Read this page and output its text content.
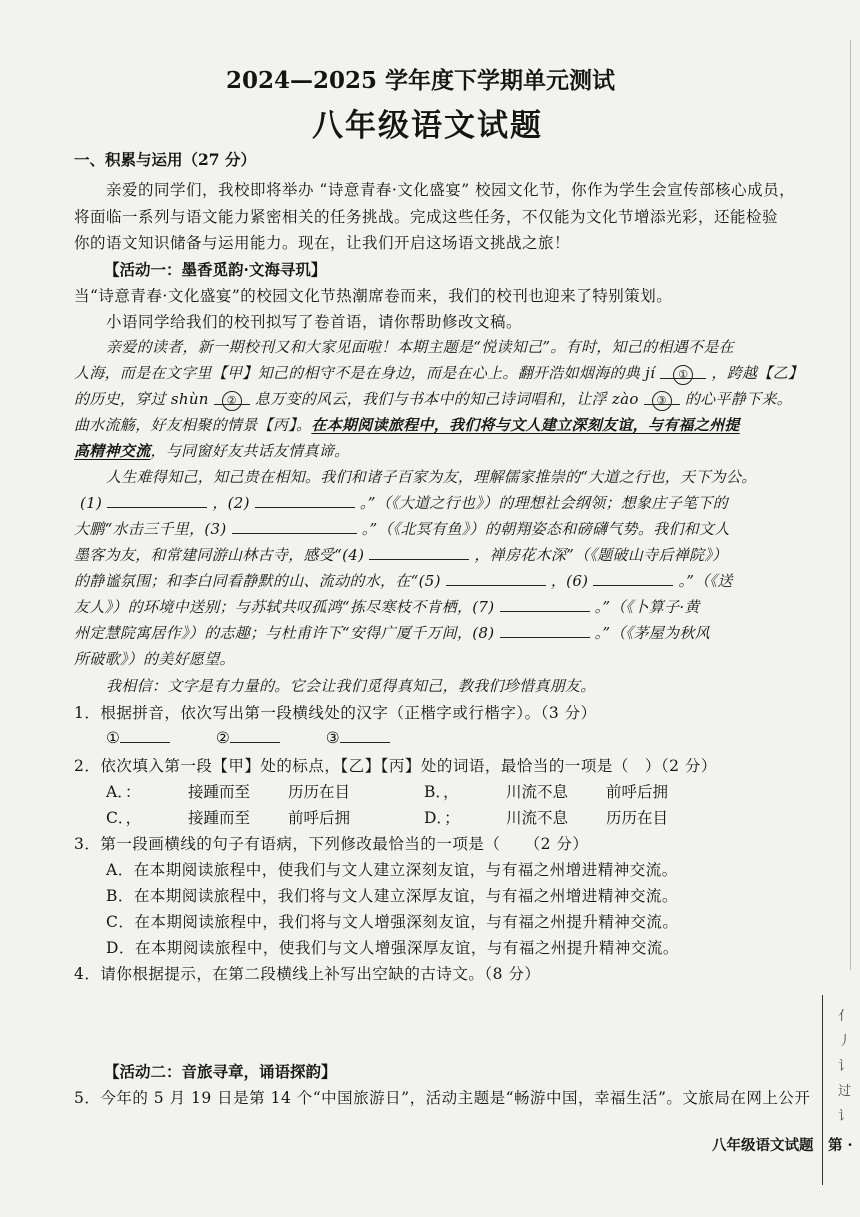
2024—2025 学年度下学期单元测试
八年级语文试题
一、积累与运用（27 分）
亲爱的同学们，我校即将举办 “诗意青春·文化盛宴” 校园文化节，你作为学生会宣传部核心成员，
将面临一系列与语文能力紧密相关的任务挑战。完成这些任务，不仅能为文化节增添光彩，还能检验
你的语文知识储备与运用能力。现在，让我们开启这场语文挑战之旅！
【活动一：墨香觅韵·文海寻玑】
当“诗意青春·文化盛宴”的校园文化节热潮席卷而来，我们的校刊也迎来了特别策划。
小语同学给我们的校刊拟写了卷首语，请你帮助修改文稿。
亲爱的读者，新一期校刊又和大家见面啦！本期主题是“悦读知己”。有时，知己的相遇不是在
人海，而是在文字里【甲】知己的相守不是在身边，而是在心上。翻开浩如烟海的典 jí ① ，跨越【乙】
的历史，穿过 shùn ② 息万变的风云，我们与书本中的知己诗词唱和，让浮 zào ③ 的心平静下来。
曲水流觞，好友相聚的情景【丙】。在本期阅读旅程中，我们将与文人建立深刻友谊，与有福之州提
高精神交流，与同窗好友共话友情真谛。
人生难得知己，知己贵在相知。我们和诸子百家为友，理解儒家推崇的“大道之行也，天下为公。
(1)	，(2)	。”（《大道之行也》）的理想社会纲领；想象庄子笔下的
大鹏“水击三千里，(3)	。”（《北冥有鱼》）的朝翔姿态和磅礴气势。我们和文人
墨客为友，和常建同游山林古寺，感受“(4)	，禅房花木深”（《题破山寺后禅院》）
的静谧氛围；和李白同看静默的山、流动的水，在“(5)	，(6)	。”（《送
友人》）的环境中送别；与苏轼共叹孤鸿“拣尽寒枝不肯栖，(7)	。”（《卜算子·黄
州定慧院寓居作》）的志趣；与杜甫许下“安得广厦千万间，(8)	。”（《茅屋为秋风
所破歌》）的美好愿望。
我相信：文字是有力量的。它会让我们觅得真知己，教我们珍惜真朋友。
1．根据拼音，依次写出第一段横线处的汉字（正楷字或行楷字）。（3 分）
①	②	③
2．依次填入第一段【甲】处的标点，【乙】【丙】处的词语，最恰当的一项是（　）（2 分）
A．：	接踵而至 历历在目	B．，	川流不息 前呼后拥
C．，	接踵而至 前呼后拥	D．；	川流不息 历历在目
3．第一段画横线的句子有语病，下列修改最恰当的一项是（　　（2 分）
A．在本期阅读旅程中，使我们与文人建立深刻友谊，与有福之州增进精神交流。
B．在本期阅读旅程中，我们将与文人建立深厚友谊，与有福之州增进精神交流。
C．在本期阅读旅程中，我们将与文人增强深刻友谊，与有福之州提升精神交流。
D．在本期阅读旅程中，使我们与文人增强深厚友谊，与有福之州提升精神交流。
4．请你根据提示，在第二段横线上补写出空缺的古诗文。（8 分）
【活动二：音旅寻章，诵语探韵】
5．今年的 5 月 19 日是第 14 个“中国旅游日”，活动主题是“畅游中国，幸福生活”。文旅局在网上公开
亻
丿
讠
过
讠
八年级语文试题　第 ·
